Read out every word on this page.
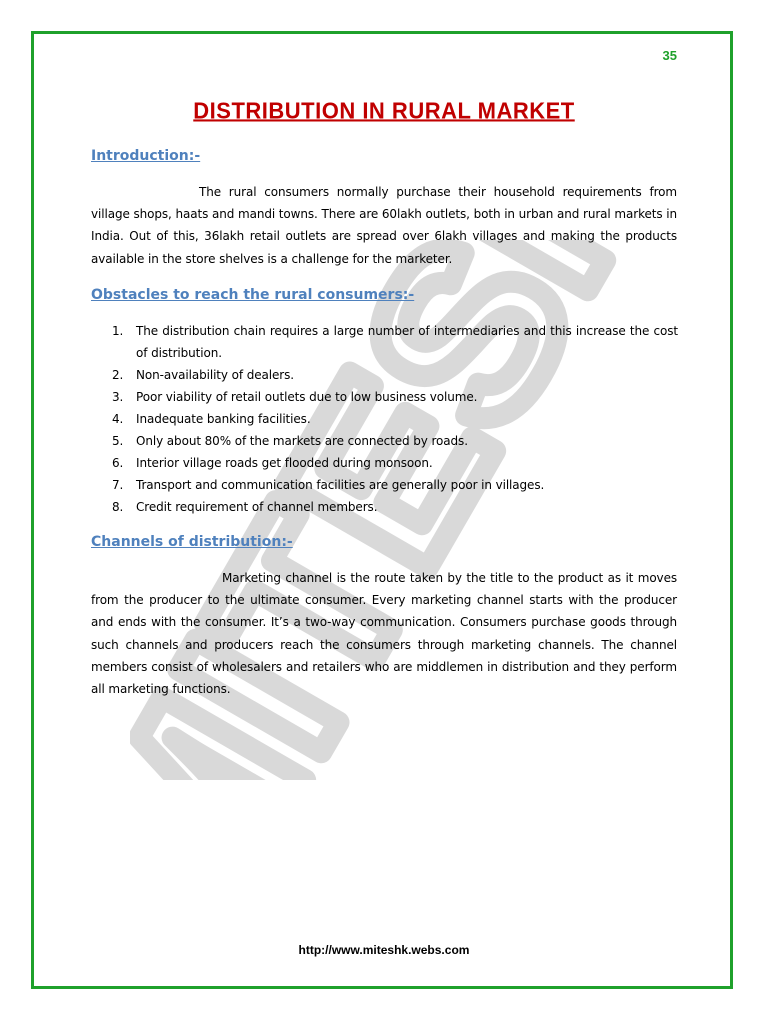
MITESH
35
DISTRIBUTION IN RURAL MARKET
Introduction:-
The rural consumers normally purchase their household requirements from village shops, haats and mandi towns. There are 60lakh outlets, both in urban and rural markets in India. Out of this, 36lakh retail outlets are spread over 6lakh villages and making the products available in the store shelves is a challenge for the marketer.
Obstacles to reach the rural consumers:-
1. The distribution chain requires a large number of intermediaries and this increase the cost of distribution.
2. Non-availability of dealers.
3. Poor viability of retail outlets due to low business volume.
4. Inadequate banking facilities.
5. Only about 80% of the markets are connected by roads.
6. Interior village roads get flooded during monsoon.
7. Transport and communication facilities are generally poor in villages.
8. Credit requirement of channel members.
Channels of distribution:-
Marketing channel is the route taken by the title to the product as it moves from the producer to the ultimate consumer. Every marketing channel starts with the producer and ends with the consumer. It’s a two-way communication. Consumers purchase goods through such channels and producers reach the consumers through marketing channels. The channel members consist of wholesalers and retailers who are middlemen in distribution and they perform all marketing functions.
http://www.miteshk.webs.com
